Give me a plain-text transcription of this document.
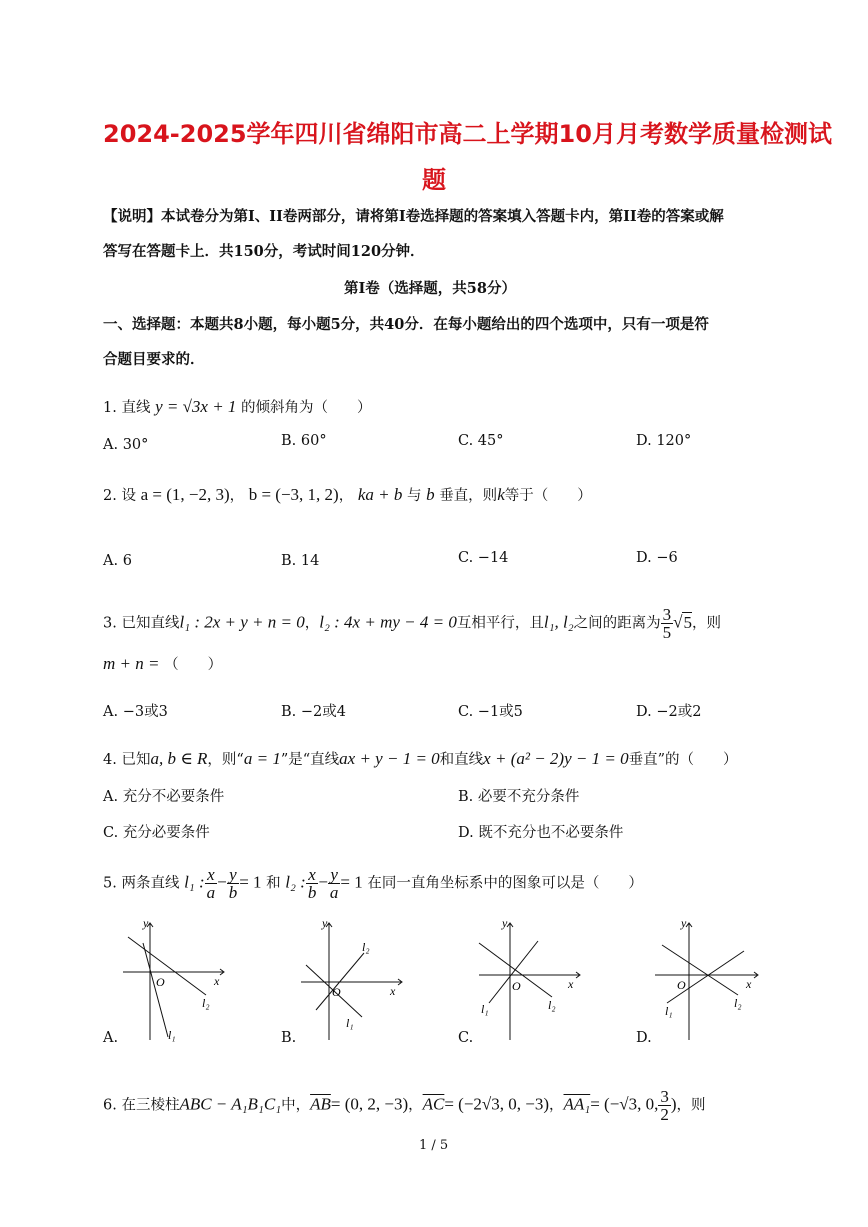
2024-2025学年四川省绵阳市高二上学期10月月考数学质量检测试
题
【说明】本试卷分为第I、II卷两部分，请将第I卷选择题的答案填入答题卡内，第II卷的答案或解
答写在答题卡上．共150分，考试时间120分钟．
第I卷（选择题，共58分）
一、选择题：本题共8小题，每小题5分，共40分．在每小题给出的四个选项中，只有一项是符
合题目要求的．
1. 直线 y = √3x + 1 的倾斜角为（　　）
A. 30°	B. 60°	C. 45°	D. 120°
2. 设 a = (1, −2, 3)， b = (−3, 1, 2)， ka + b 与 b 垂直，则k等于（　　）
A. 6	B. 14	C. −14	D. −6
3. 已知直线l₁ : 2x + y + n = 0，l₂ : 4x + my − 4 = 0互相平行，且l₁, l₂之间的距离为 $\frac{3}{5} √5$，则
m + n = （　　）
A. −3或3	B. −2或4	C. −1或5	D. −2或2
4. 已知a, b ∈ R，则“a = 1”是“直线ax + y − 1 = 0和直线x + (a² − 2)y − 1 = 0垂直”的（　　）
A. 充分不必要条件	B. 必要不充分条件
C. 充分必要条件	D. 既不充分也不必要条件
5. 两条直线 l₁ : $\frac{x}{a} - \frac{y}{b} = 1$ 和 l₂ : $\frac{x}{b} - \frac{y}{a} = 1$ 在同一直角坐标系中的图象可以是（　　）
A.
x
y
O
l₂
l₁	B.
x
y
O
l₂
l₁
C.
x
y
O
l₂
l₁
D.
x
y
O
l₂
l₁
6. 在三棱柱ABC − A₁B₁C₁中，$\overline{AB}= (0$, 2, −3)，$\overline{AC}= (-2√3$, 0, −3)，AA₁= (−√3, 0, $\frac{3}{2}$ )，则
1 / 5
